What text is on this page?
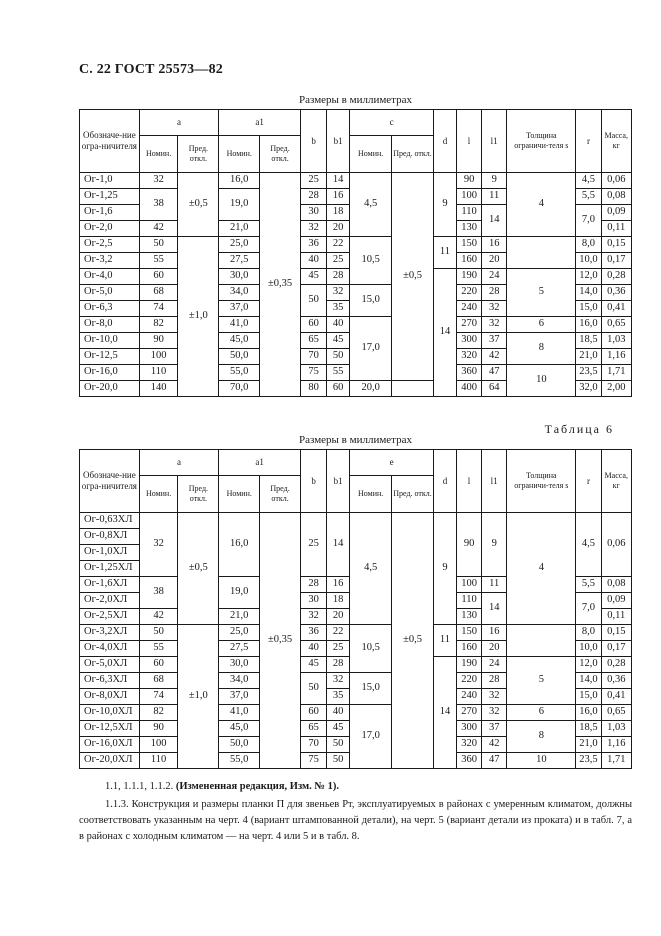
С. 22 ГОСТ 25573—82
Размеры в миллиметрах
Обозначе-ние огра-ничителя	a		a1		b	b1	c		d	l	l1	Толщина ограничи-теля s	r	Масса, кг
	Номин.	Пред. откл.	Номин.	Пред. откл.			Номин.	Пред. откл.						
Ог-1,0	32	±0,5	16,0	±0,35	25	14	4,5	±0,5	9	90	9	4	4,5	0,06
Ог-1,25	38		19,0		28	16				100	11		5,5	0,08
Ог-1,6					30	18				110	14		7,0	0,09
Ог-2,0	42		21,0		32	20				130				0,11
Ог-2,5	50	±1,0	25,0		36	22	10,5		11	150	16		8,0	0,15
Ог-3,2	55		27,5		40	25				160	20		10,0	0,17
Ог-4,0	60		30,0		45	28			14	190	24	5	12,0	0,28
Ог-5,0	68		34,0		50	32	15,0			220	28		14,0	0,36
Ог-6,3	74		37,0			35				240	32		15,0	0,41
Ог-8,0	82		41,0		60	40	17,0			270	32	6	16,0	0,65
Ог-10,0	90		45,0		65	45				300	37	8	18,5	1,03
Ог-12,5	100		50,0		70	50				320	42		21,0	1,16
Ог-16,0	110		55,0		75	55				360	47	10	23,5	1,71
Ог-20,0	140		70,0		80	60	20,0			400	64		32,0	2,00
Таблица 6
Размеры в миллиметрах
Обозначе-ние огра-ничителя	a		a1		b	b1	e		d	l	l1	Толщина ограничи-теля s	r	Масса, кг
	Номин.	Пред. откл.	Номин.	Пред. откл.			Номин.	Пред. откл.						
Ог-0,63ХЛ	32	±0,5	16,0	±0,35	25	14	4,5	±0,5	9	90	9	4	4,5	0,06
Ог-0,8ХЛ														
Ог-1,0ХЛ														
Ог-1,25ХЛ														
Ог-1,6ХЛ	38		19,0		28	16				100	11		5,5	0,08
Ог-2,0ХЛ					30	18				110	14		7,0	0,09
Ог-2,5ХЛ	42		21,0		32	20				130				0,11
Ог-3,2ХЛ	50	±1,0	25,0		36	22	10,5		11	150	16		8,0	0,15
Ог-4,0ХЛ	55		27,5		40	25				160	20		10,0	0,17
Ог-5,0ХЛ	60		30,0		45	28			14	190	24	5	12,0	0,28
Ог-6,3ХЛ	68		34,0		50	32	15,0			220	28		14,0	0,36
Ог-8,0ХЛ	74		37,0			35				240	32		15,0	0,41
Ог-10,0ХЛ	82		41,0		60	40	17,0			270	32	6	16,0	0,65
Ог-12,5ХЛ	90		45,0		65	45				300	37	8	18,5	1,03
Ог-16,0ХЛ	100		50,0		70	50				320	42		21,0	1,16
Ог-20,0ХЛ	110		55,0		75	50				360	47	10	23,5	1,71

1.1, 1.1.1, 1.1.2. (Измененная редакция, Изм. № 1).

1.1.3. Конструкция и размеры планки П для звеньев Рт, эксплуатируемых в районах с умеренным климатом, должны соответствовать указанным на черт. 4 (вариант штампованной детали), на черт. 5 (вариант детали из проката) и в табл. 7, а в районах с холодным климатом — на черт. 4 или 5 и в табл. 8.
